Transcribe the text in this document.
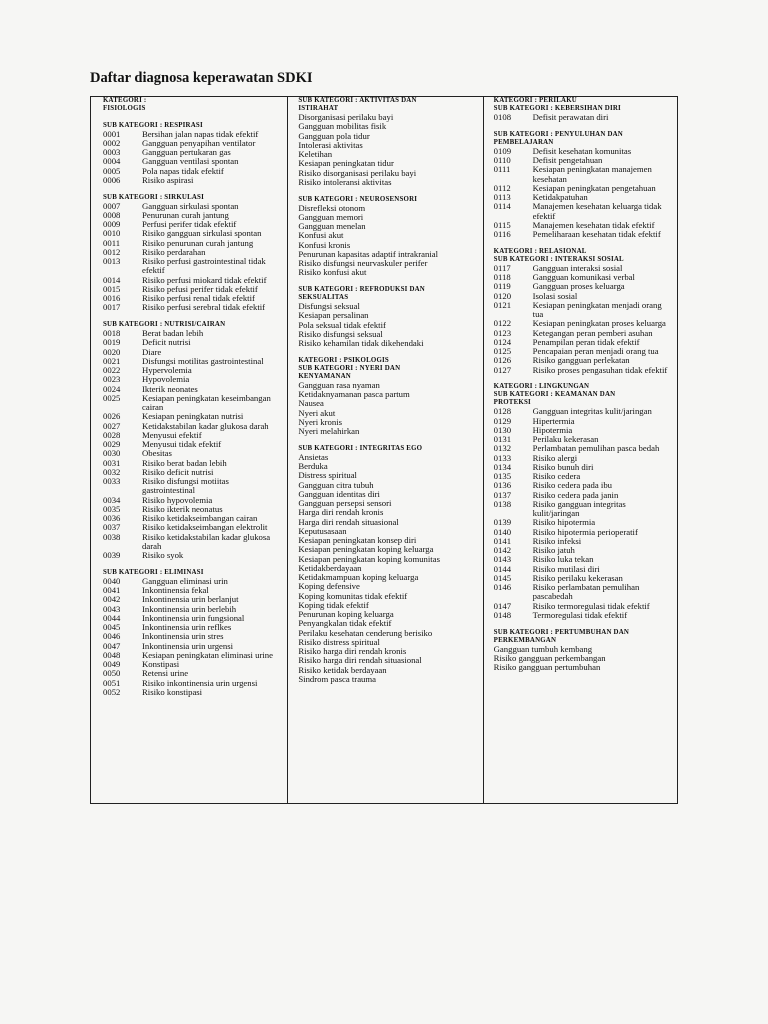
Daftar diagnosa keperawatan SDKI
KATEGORI :
FISIOLOGIS
SUB KATEGORI : RESPIRASI
0001	Bersihan jalan napas tidak efektif
0002	Gangguan penyapihan ventilator
0003	Gangguan pertukaran gas
0004	Gangguan ventilasi spontan
0005	Pola napas tidak efektif
0006	Risiko aspirasi
SUB KATEGORI : SIRKULASI
0007	Gangguan sirkulasi spontan
0008	Penurunan curah jantung
0009	Perfusi perifer tidak efektif
0010	Risiko gangguan sirkulasi spontan
0011	Risiko penurunan curah jantung
0012	Risiko perdarahan
0013	Risiko perfusi gastrointestinal tidak efektif
0014	Risiko perfusi miokard tidak efektif
0015	Risiko pefusi perifer tidak efektif
0016	Risiko perfusi renal tidak efektif
0017	Risiko perfusi serebral tidak efektif
SUB KATEGORI : NUTRISI/CAIRAN
0018	Berat badan lebih
0019	Deficit nutrisi
0020	Diare
0021	Disfungsi motilitas gastrointestinal
0022	Hypervolemia
0023	Hypovolemia
0024	Ikterik neonates
0025	Kesiapan peningkatan keseimbangan cairan
0026	Kesiapan peningkatan nutrisi
0027	Ketidakstabilan kadar glukosa darah
0028	Menyusui efektif
0029	Menyusui tidak efektif
0030	Obesitas
0031	Risiko berat badan lebih
0032	Risiko deficit nutrisi
0033	Risiko disfungsi motiitas gastrointestinal
0034	Risiko hypovolemia
0035	Risiko ikterik neonatus
0036	Risiko ketidakseimbangan cairan
0037	Risiko ketidakseimbangan elektrolit
0038	Risiko ketidakstabilan kadar glukosa darah
0039	Risiko syok
SUB KATEGORI : ELIMINASI
0040	Gangguan eliminasi urin
0041	Inkontinensia fekal
0042	Inkontinensia urin berlanjut
0043	Inkontinensia urin berlebih
0044	Inkontinensia urin fungsional
0045	Inkontinensia urin reflkes
0046	Inkontinensia urin stres
0047	Inkontinensia urin urgensi
0048	Kesiapan peningkatan eliminasi urine
0049	Konstipasi
0050	Retensi urine
0051	Risiko inkontinensia urin urgensi
0052	Risiko konstipasi
SUB KATEGORI : AKTIVITAS DAN
ISTIRAHAT
Disorganisasi perilaku bayi
Gangguan mobilitas fisik
Gangguan pola tidur
Intolerasi aktivitas
Keletihan
Kesiapan peningkatan tidur
Risiko disorganisasi perilaku bayi
Risiko intoleransi aktivitas
SUB KATEGORI : NEUROSENSORI
Disrefleksi otonom
Gangguan memori
Gangguan menelan
Konfusi akut
Konfusi kronis
Penurunan kapasitas adaptif intrakranial
Risiko disfungsi neurvaskuler perifer
Risiko konfusi akut
SUB KATEGORI : REFRODUKSI DAN
SEKSUALITAS
Disfungsi seksual
Kesiapan persalinan
Pola seksual tidak efektif
Risiko disfungsi seksual
Risiko kehamilan tidak dikehendaki
KATEGORI : PSIKOLOGIS
SUB KATEGORI : NYERI DAN
KENYAMANAN
Gangguan rasa nyaman
Ketidaknyamanan pasca partum
Nausea
Nyeri akut
Nyeri kronis
Nyeri melahirkan
SUB KATEGORI : INTEGRITAS EGO
Ansietas
Berduka
Distress spiritual
Gangguan citra tubuh
Gangguan identitas diri
Gangguan persepsi sensori
Harga diri rendah kronis
Harga diri rendah situasional
Keputusasaan
Kesiapan peningkatan konsep diri
Kesiapan peningkatan koping keluarga
Kesiapan peningkatan koping komunitas
Ketidakberdayaan
Ketidakmampuan koping keluarga
Koping defensive
Koping komunitas tidak efektif
Koping tidak efektif
Penurunan koping keluarga
Penyangkalan tidak efektif
Perilaku kesehatan cenderung berisiko
Risiko distress spiritual
Risiko harga diri rendah kronis
Risiko harga diri rendah situasional
Risiko ketidak berdayaan
Sindrom pasca trauma
KATEGORI : PERILAKU
SUB KATEGORI : KEBERSIHAN DIRI
0108	Defisit perawatan diri
SUB KATEGORI : PENYULUHAN DAN
PEMBELAJARAN
0109	Defisit kesehatan komunitas
0110	Defisit pengetahuan
0111	Kesiapan peningkatan manajemen kesehatan
0112	Kesiapan peningkatan pengetahuan
0113	Ketidakpatuhan
0114	Manajemen kesehatan keluarga tidak efektif
0115	Manajemen kesehatan tidak efektif
0116	Pemeliharaan kesehatan tidak efektif
KATEGORI : RELASIONAL
SUB KATEGORI : INTERAKSI SOSIAL
0117	Gangguan interaksi sosial
0118	Gangguan komunikasi verbal
0119	Gangguan proses keluarga
0120	Isolasi sosial
0121	Kesiapan peningkatan menjadi orang tua
0122	Kesiapan peningkatan proses keluarga
0123	Ketegangan peran pemberi asuhan
0124	Penampilan peran tidak efektif
0125	Pencapaian peran menjadi orang tua
0126	Risiko gangguan perlekatan
0127	Risiko proses pengasuhan tidak efektif
KATEGORI : LINGKUNGAN
SUB KATEGORI : KEAMANAN DAN
PROTEKSI
0128	Gangguan integritas kulit/jaringan
0129	Hipertermia
0130	Hipotermia
0131	Perilaku kekerasan
0132	Perlambatan pemulihan pasca bedah
0133	Risiko alergi
0134	Risiko bunuh diri
0135	Risiko cedera
0136	Risiko cedera pada ibu
0137	Risiko cedera pada janin
0138	Risiko gangguan integritas kulit/jaringan
0139	Risiko hipotermia
0140	Risiko hipotermia perioperatif
0141	Risiko infeksi
0142	Risiko jatuh
0143	Risiko luka tekan
0144	Risiko mutilasi diri
0145	Risiko perilaku kekerasan
0146	Risiko perlambatan pemulihan pascabedah
0147	Risiko termoregulasi tidak efektif
0148	Termoregulasi tidak efektif
SUB KATEGORI : PERTUMBUHAN DAN
PERKEMBANGAN
Gangguan tumbuh kembang
Risiko gangguan perkembangan
Risiko gangguan pertumbuhan
